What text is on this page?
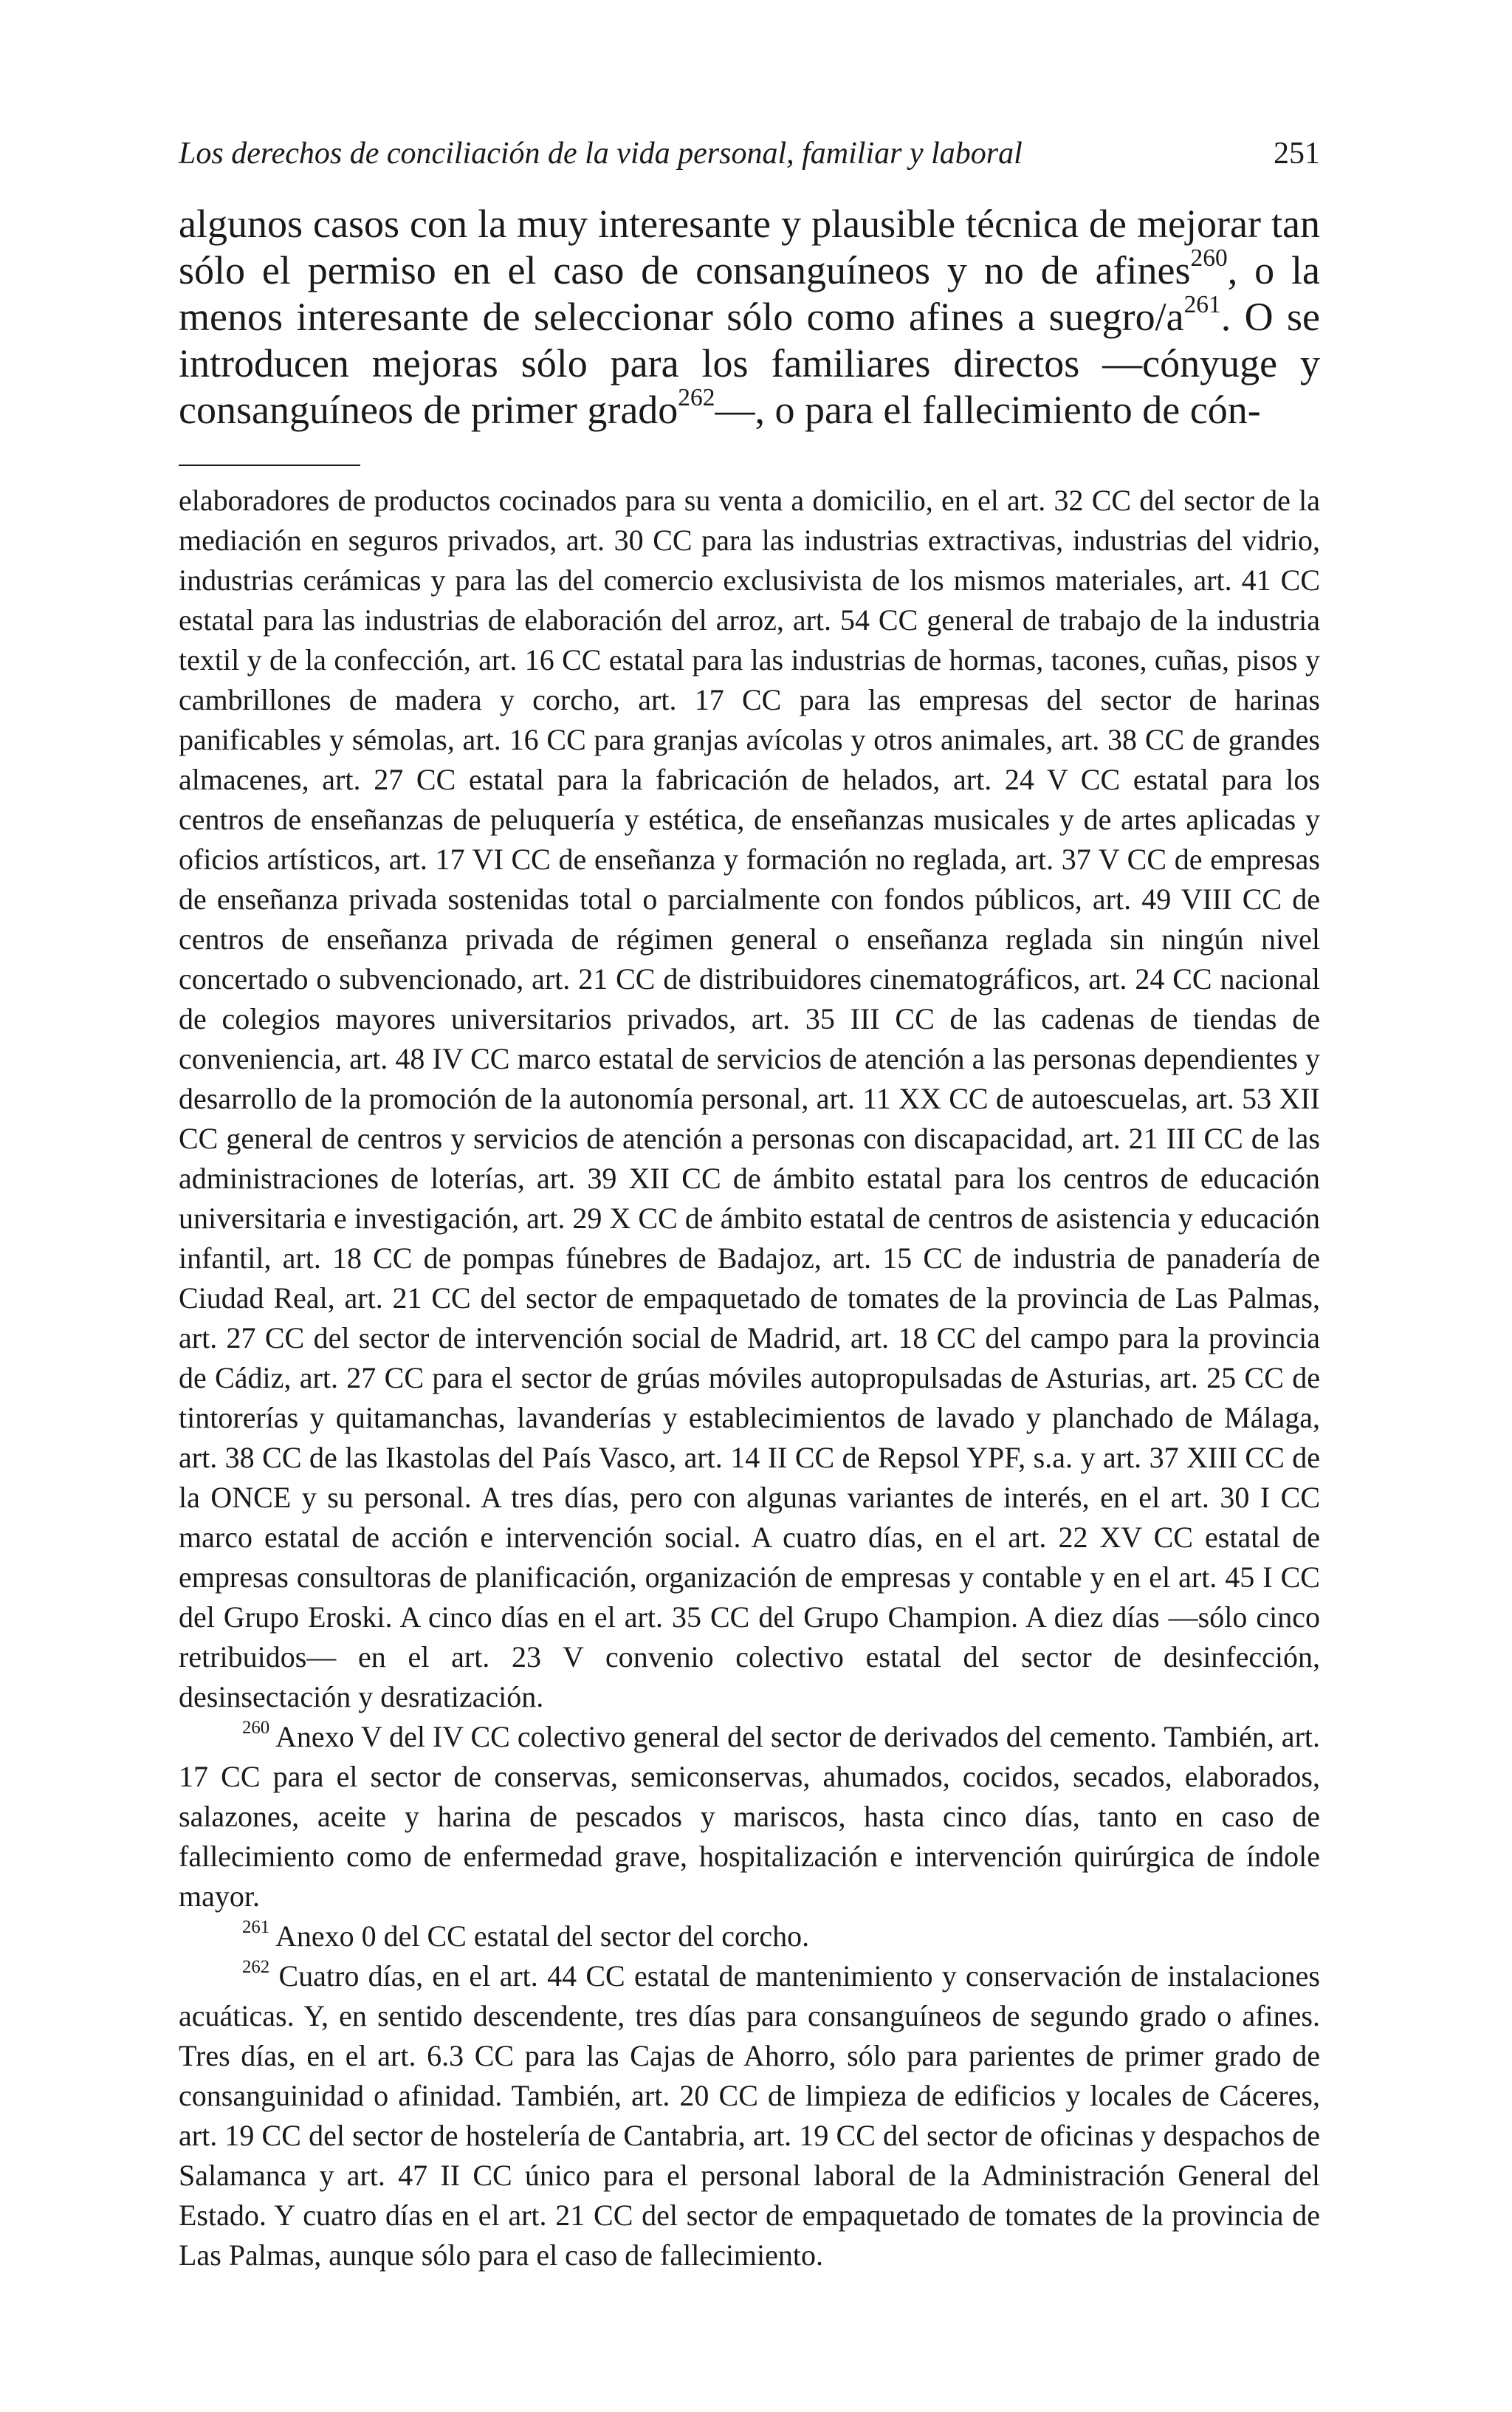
Los derechos de conciliación de la vida personal, familiar y laboral	251

algunos casos con la muy interesante y plausible técnica de mejorar tan sólo el permiso en el caso de consanguíneos y no de afines$^{260}$, o la menos interesante de seleccionar sólo como afines a suegro/$a^{261}$. O se introducen mejoras sólo para los familiares directos —cónyuge y consanguíneos de primer grado$^{262}$—, o para el fallecimiento de cón-

elaboradores de productos cocinados para su venta a domicilio, en el art. 32 CC del sector de la mediación en seguros privados, art. 30 CC para las industrias extractivas, industrias del vidrio, industrias cerámicas y para las del comercio exclusivista de los mismos materiales, art. 41 CC estatal para las industrias de elaboración del arroz, art. 54 CC general de trabajo de la industria textil y de la confección, art. 16 CC estatal para las industrias de hormas, tacones, cuñas, pisos y cambrillones de madera y corcho, art. 17 CC para las empresas del sector de harinas panificables y sémolas, art. 16 CC para granjas avícolas y otros animales, art. 38 CC de grandes almacenes, art. 27 CC estatal para la fabricación de helados, art. 24 V CC estatal para los centros de enseñanzas de peluquería y estética, de enseñanzas musicales y de artes aplicadas y oficios artísticos, art. 17 VI CC de enseñanza y formación no reglada, art. 37 V CC de empresas de enseñanza privada sostenidas total o parcialmente con fondos públicos, art. 49 VIII CC de centros de enseñanza privada de régimen general o enseñanza reglada sin ningún nivel concertado o subvencionado, art. 21 CC de distribuidores cinematográficos, art. 24 CC nacional de colegios mayores universitarios privados, art. 35 III CC de las cadenas de tiendas de conveniencia, art. 48 IV CC marco estatal de servicios de atención a las personas dependientes y desarrollo de la promoción de la autonomía personal, art. 11 XX CC de autoescuelas, art. 53 XII CC general de centros y servicios de atención a personas con discapacidad, art. 21 III CC de las administraciones de loterías, art. 39 XII CC de ámbito estatal para los centros de educación universitaria e investigación, art. 29 X CC de ámbito estatal de centros de asistencia y educación infantil, art. 18 CC de pompas fúnebres de Badajoz, art. 15 CC de industria de panadería de Ciudad Real, art. 21 CC del sector de empaquetado de tomates de la provincia de Las Palmas, art. 27 CC del sector de intervención social de Madrid, art. 18 CC del campo para la provincia de Cádiz, art. 27 CC para el sector de grúas móviles autopropulsadas de Asturias, art. 25 CC de tintorerías y quitamanchas, lavanderías y establecimientos de lavado y planchado de Málaga, art. 38 CC de las Ikastolas del País Vasco, art. 14 II CC de Repsol YPF, s.a. y art. 37 XIII CC de la ONCE y su personal. A tres días, pero con algunas variantes de interés, en el art. 30 I CC marco estatal de acción e intervención social. A cuatro días, en el art. 22 XV CC estatal de empresas consultoras de planificación, organización de empresas y contable y en el art. 45 I CC del Grupo Eroski. A cinco días en el art. 35 CC del Grupo Champion. A diez días —sólo cinco retribuidos— en el art. 23 V convenio colectivo estatal del sector de desinfección, desinsectación y desratización.

$^{260}$ Anexo V del IV CC colectivo general del sector de derivados del cemento. También, art. 17 CC para el sector de conservas, semiconservas, ahumados, cocidos, secados, elaborados, salazones, aceite y harina de pescados y mariscos, hasta cinco días, tanto en caso de fallecimiento como de enfermedad grave, hospitalización e intervención quirúrgica de índole mayor.

$^{261}$ Anexo 0 del CC estatal del sector del corcho.

$^{262}$ Cuatro días, en el art. 44 CC estatal de mantenimiento y conservación de instalaciones acuáticas. Y, en sentido descendente, tres días para consanguíneos de segundo grado o afines. Tres días, en el art. 6.3 CC para las Cajas de Ahorro, sólo para parientes de primer grado de consanguinidad o afinidad. También, art. 20 CC de limpieza de edificios y locales de Cáceres, art. 19 CC del sector de hostelería de Cantabria, art. 19 CC del sector de oficinas y despachos de Salamanca y art. 47 II CC único para el personal laboral de la Administración General del Estado. Y cuatro días en el art. 21 CC del sector de empaquetado de tomates de la provincia de Las Palmas, aunque sólo para el caso de fallecimiento.
